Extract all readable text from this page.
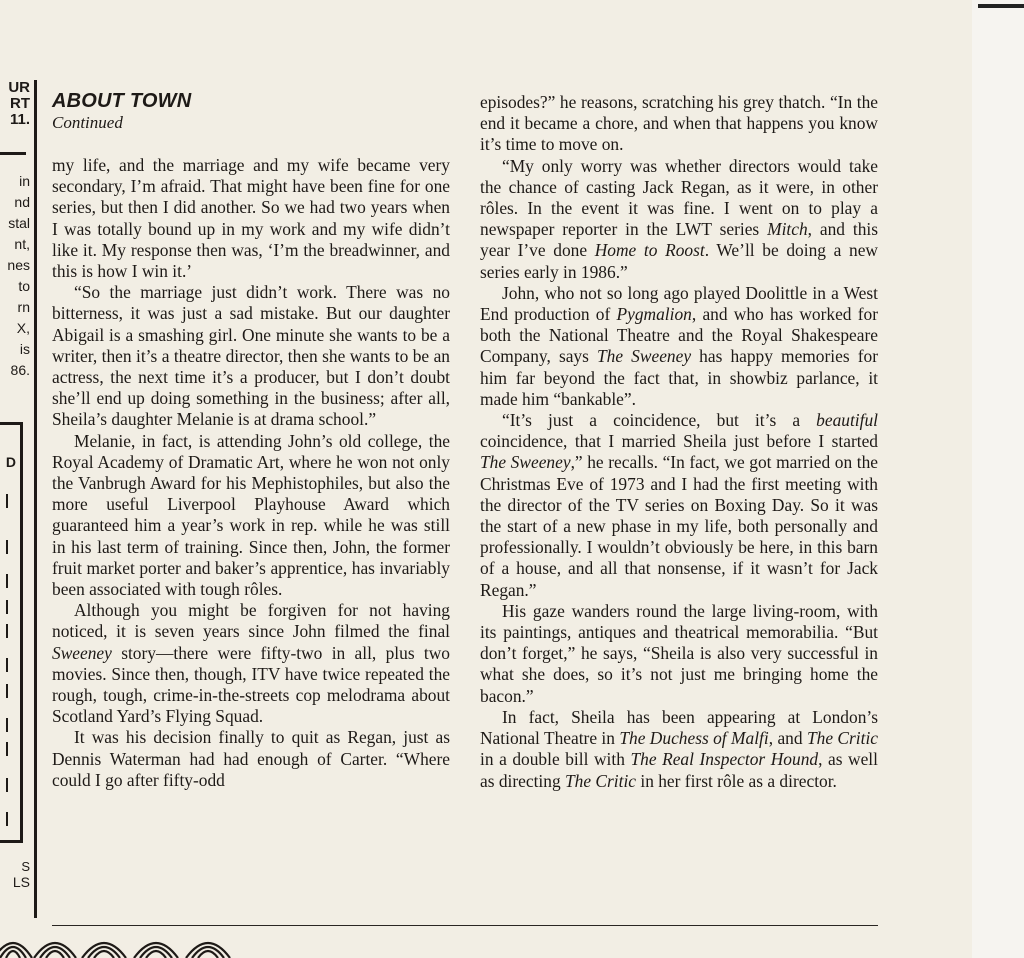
UR
RT
11.
in
nd
stal
nt,
nes
to
rn
X,
is
86.
D
S
LS
ABOUT TOWN
Continued

my life, and the marriage and my wife became very secondary, I’m afraid. That might have been fine for one series, but then I did another. So we had two years when I was totally bound up in my work and my wife didn’t like it. My response then was, ‘I’m the breadwinner, and this is how I win it.’

“So the marriage just didn’t work. There was no bitterness, it was just a sad mistake. But our daughter Abigail is a smashing girl. One minute she wants to be a writer, then it’s a theatre director, then she wants to be an actress, the next time it’s a producer, but I don’t doubt she’ll end up doing something in the business; after all, Sheila’s daughter Melanie is at drama school.”

Melanie, in fact, is attending John’s old college, the Royal Academy of Dramatic Art, where he won not only the Vanbrugh Award for his Mephistophiles, but also the more useful Liverpool Playhouse Award which guaranteed him a year’s work in rep. while he was still in his last term of training. Since then, John, the former fruit market porter and baker’s apprentice, has invariably been associated with tough rôles.

Although you might be forgiven for not having noticed, it is seven years since John filmed the final Sweeney story—there were fifty-two in all, plus two movies. Since then, though, ITV have twice repeated the rough, tough, crime-in-the-streets cop melodrama about Scotland Yard’s Flying Squad.

It was his decision finally to quit as Regan, just as Dennis Waterman had had enough of Carter. “Where could I go after fifty-odd

episodes?” he reasons, scratching his grey thatch. “In the end it became a chore, and when that happens you know it’s time to move on.

“My only worry was whether directors would take the chance of casting Jack Regan, as it were, in other rôles. In the event it was fine. I went on to play a newspaper reporter in the LWT series Mitch, and this year I’ve done Home to Roost. We’ll be doing a new series early in 1986.”

John, who not so long ago played Doolittle in a West End production of Pygmalion, and who has worked for both the National Theatre and the Royal Shakespeare Company, says The Sweeney has happy memories for him far beyond the fact that, in showbiz parlance, it made him “bankable”.

“It’s just a coincidence, but it’s a beautiful coincidence, that I married Sheila just before I started The Sweeney,” he recalls. “In fact, we got married on the Christmas Eve of 1973 and I had the first meeting with the director of the TV series on Boxing Day. So it was the start of a new phase in my life, both personally and professionally. I wouldn’t obviously be here, in this barn of a house, and all that nonsense, if it wasn’t for Jack Regan.”

His gaze wanders round the large living-room, with its paintings, antiques and theatrical memorabilia. “But don’t forget,” he says, “Sheila is also very successful in what she does, so it’s not just me bringing home the bacon.”

In fact, Sheila has been appearing at London’s National Theatre in The Duchess of Malfi, and The Critic in a double bill with The Real Inspector Hound, as well as directing The Critic in her first rôle as a director.
